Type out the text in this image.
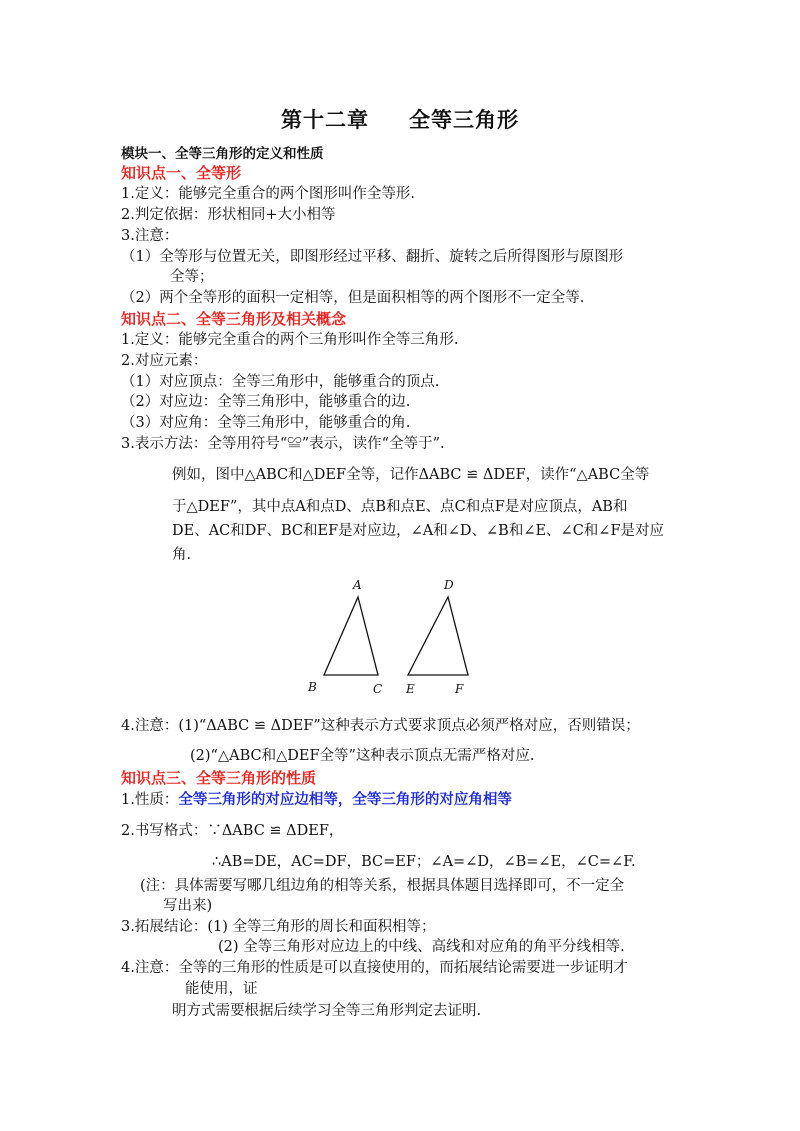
第十二章 全等三角形
模块一、全等三角形的定义和性质
知识点一、全等形
1.定义：能够完全重合的两个图形叫作全等形.
2.判定依据：形状相同+大小相等
3.注意：
（1）全等形与位置无关，即图形经过平移、翻折、旋转之后所得图形与原图形
全等；
（2）两个全等形的面积一定相等，但是面积相等的两个图形不一定全等.
知识点二、全等三角形及相关概念
1.定义：能够完全重合的两个三角形叫作全等三角形.
2.对应元素：
（1）对应顶点：全等三角形中，能够重合的顶点.
（2）对应边：全等三角形中，能够重合的边.
（3）对应角：全等三角形中，能够重合的角.
3.表示方法：全等用符号“≌”表示，读作“全等于”.
例如，图中△ABC和△DEF全等，记作ΔABC ≌ ΔDEF，读作“△ABC全等
于△DEF”，其中点A和点D、点B和点E、点C和点F是对应顶点，AB和
DE、AC和DF、BC和EF是对应边，∠A和∠D、∠B和∠E、∠C和∠F是对应
角.
A
B	C
D
E	F
4.注意：(1)“ΔABC ≌ ΔDEF”这种表示方式要求顶点必须严格对应，否则错误；
(2)“△ABC和△DEF全等”这种表示顶点无需严格对应.
知识点三、全等三角形的性质
1.性质：全等三角形的对应边相等，全等三角形的对应角相等
2.书写格式：∵ΔABC ≌ ΔDEF，
∴AB=DE，AC=DF，BC=EF；∠A=∠D，∠B=∠E，∠C=∠F.
(注：具体需要写哪几组边角的相等关系，根据具体题目选择即可，不一定全
写出来)
3.拓展结论：(1) 全等三角形的周长和面积相等；
(2) 全等三角形对应边上的中线、高线和对应角的角平分线相等.
4.注意：全等的三角形的性质是可以直接使用的，而拓展结论需要进一步证明才
能使用，证
明方式需要根据后续学习全等三角形判定去证明.
